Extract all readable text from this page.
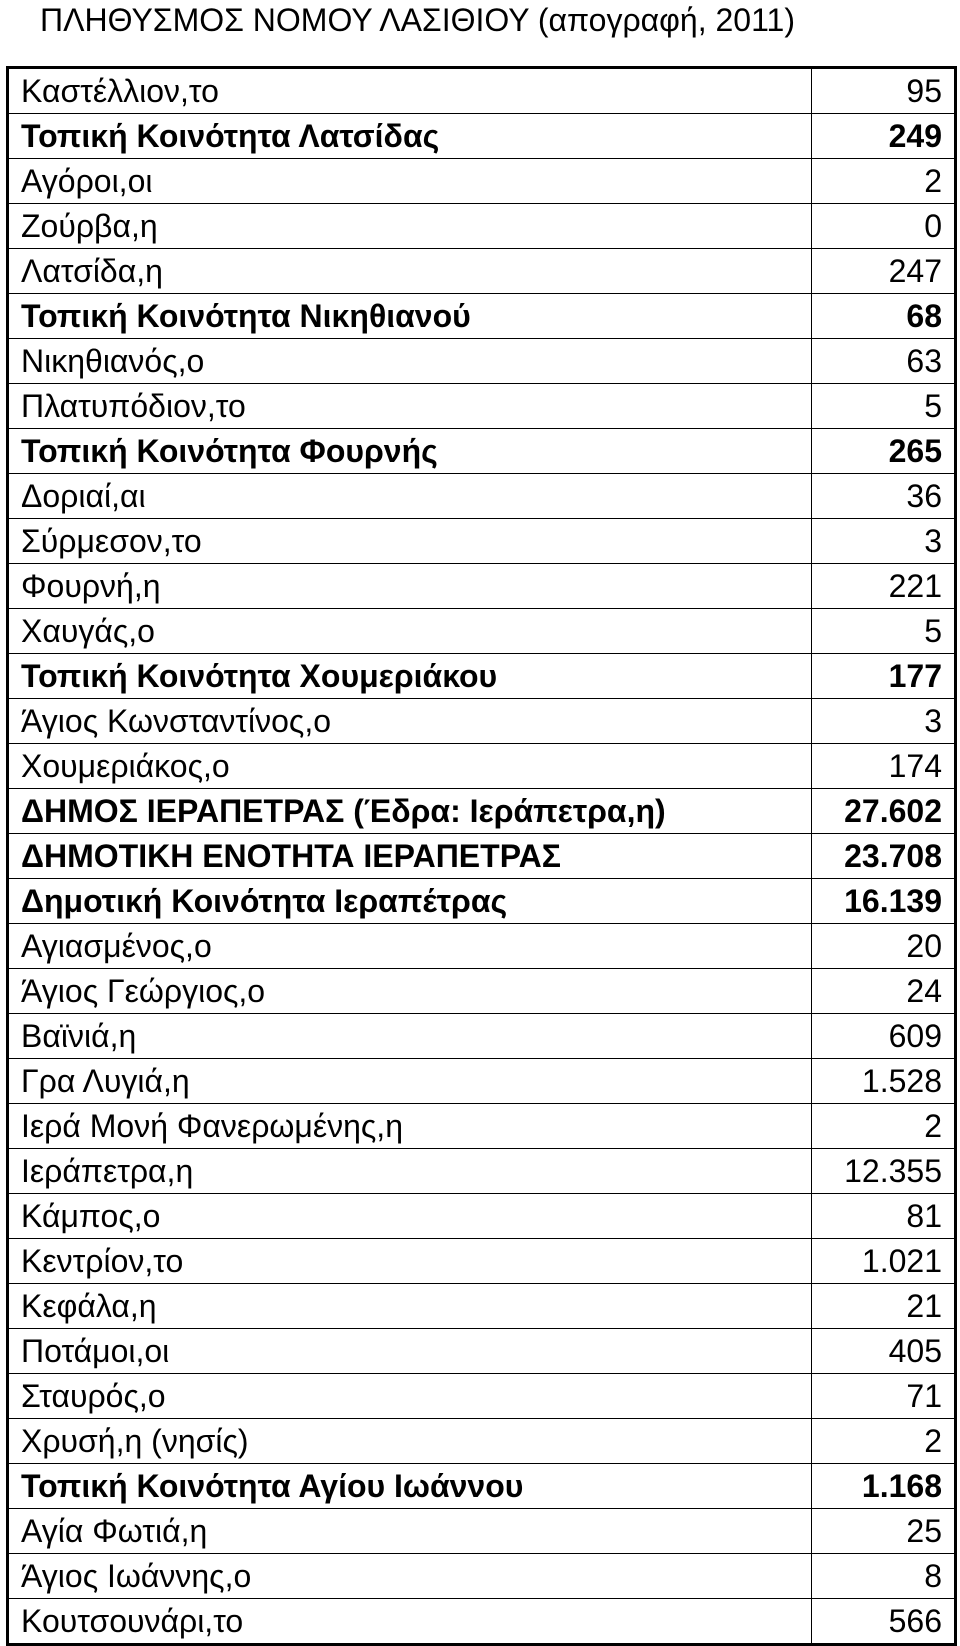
ΠΛΗΘΥΣΜΟΣ ΝΟΜΟΥ ΛΑΣΙΘΙΟΥ (απογραφή, 2011)
Καστέλλιον,το	95
Τοπική Κοινότητα Λατσίδας	249
Αγόροι,οι	2
Ζούρβα,η	0
Λατσίδα,η	247
Τοπική Κοινότητα Νικηθιανού	68
Νικηθιανός,ο	63
Πλατυπόδιον,το	5
Τοπική Κοινότητα Φουρνής	265
Δοριαί,αι	36
Σύρμεσον,το	3
Φουρνή,η	221
Χαυγάς,ο	5
Τοπική Κοινότητα Χουμεριάκου	177
Άγιος Κωνσταντίνος,ο	3
Χουμεριάκος,ο	174
ΔΗΜΟΣ ΙΕΡΑΠΕΤΡΑΣ (Έδρα: Ιεράπετρα,η)	27.602
ΔΗΜΟΤΙΚΗ ΕΝΟΤΗΤΑ ΙΕΡΑΠΕΤΡΑΣ	23.708
Δημοτική Κοινότητα Ιεραπέτρας	16.139
Αγιασμένος,ο	20
Άγιος Γεώργιος,ο	24
Βαϊνιά,η	609
Γρα Λυγιά,η	1.528
Ιερά Μονή Φανερωμένης,η	2
Ιεράπετρα,η	12.355
Κάμπος,ο	81
Κεντρίον,το	1.021
Κεφάλα,η	21
Ποτάμοι,οι	405
Σταυρός,ο	71
Χρυσή,η (νησίς)	2
Τοπική Κοινότητα Αγίου Ιωάννου	1.168
Αγία Φωτιά,η	25
Άγιος Ιωάννης,ο	8
Κουτσουνάρι,το	566
